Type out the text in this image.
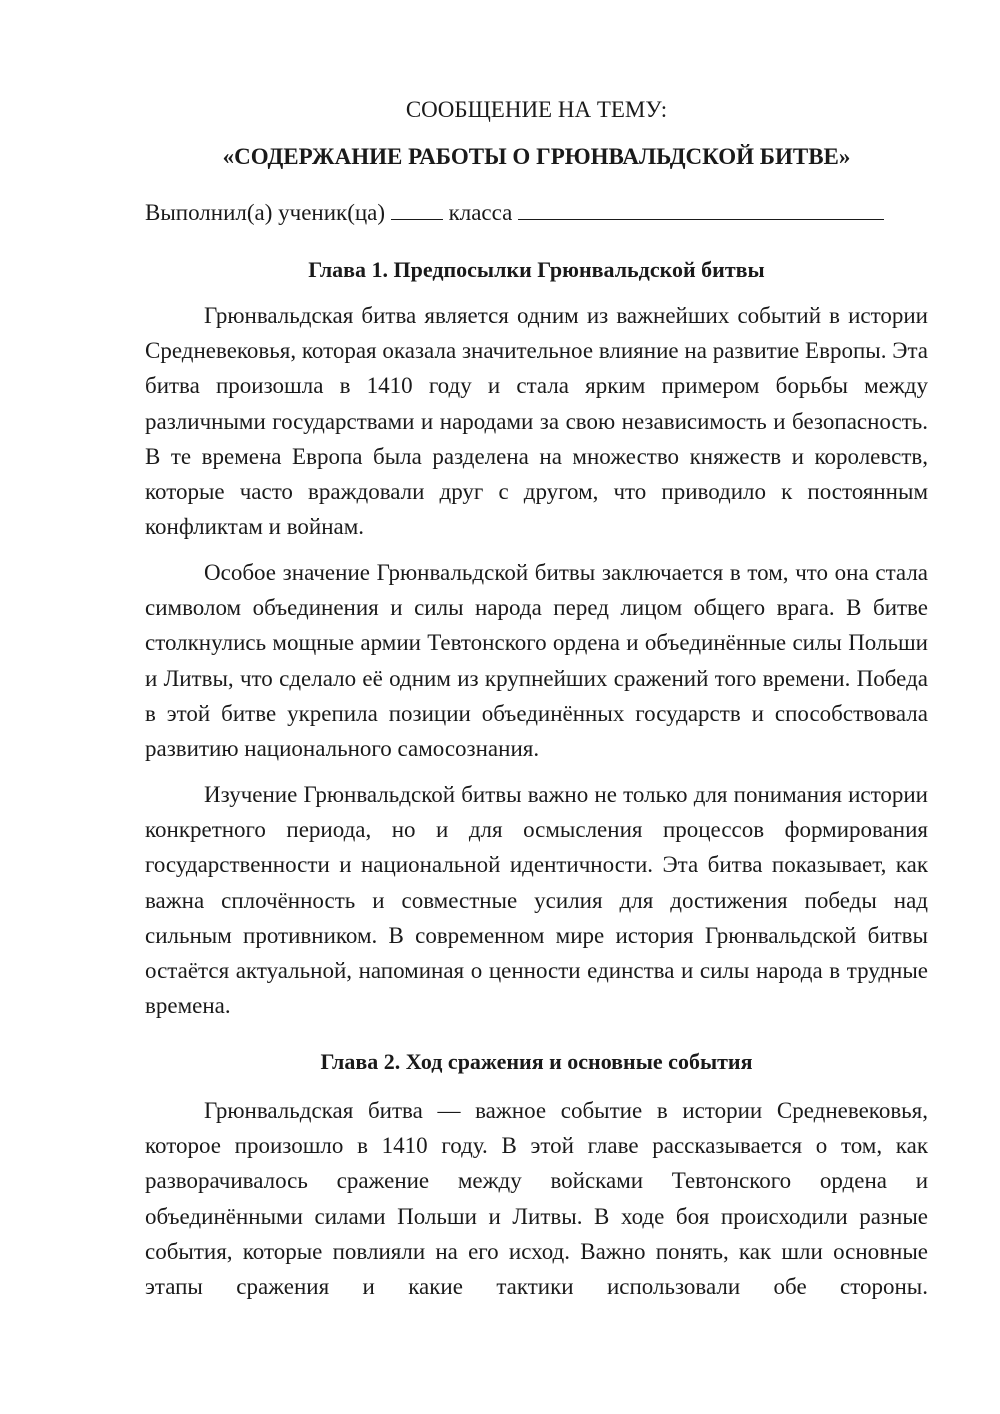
СООБЩЕНИЕ НА ТЕМУ:
«СОДЕРЖАНИЕ РАБОТЫ О ГРЮНВАЛЬДСКОЙ БИТВЕ»
Выполнил(а) ученик(ца)	класса
Глава 1. Предпосылки Грюнвальдской битвы

Грюнвальдская битва является одним из важнейших событий в истории Средневековья, которая оказала значительное влияние на развитие Европы. Эта битва произошла в 1410 году и стала ярким примером борьбы между различными государствами и народами за свою независимость и безопасность. В те времена Европа была разделена на множество княжеств и королевств, которые часто враждовали друг с другом, что приводило к постоянным конфликтам и войнам.

Особое значение Грюнвальдской битвы заключается в том, что она стала символом объединения и силы народа перед лицом общего врага. В битве столкнулись мощные армии Тевтонского ордена и объединённые силы Польши и Литвы, что сделало её одним из крупнейших сражений того времени. Победа в этой битве укрепила позиции объединённых государств и способствовала развитию национального самосознания.

Изучение Грюнвальдской битвы важно не только для понимания истории конкретного периода, но и для осмысления процессов формирования государственности и национальной идентичности. Эта битва показывает, как важна сплочённость и совместные усилия для достижения победы над сильным противником. В современном мире история Грюнвальдской битвы остаётся актуальной, напоминая о ценности единства и силы народа в трудные времена.

Глава 2. Ход сражения и основные события

Грюнвальдская битва — важное событие в истории Средневековья, которое произошло в 1410 году. В этой главе рассказывается о том, как разворачивалось сражение между войсками Тевтонского ордена и объединёнными силами Польши и Литвы. В ходе боя происходили разные события, которые повлияли на его исход. Важно понять, как шли основные этапы сражения и какие тактики использовали обе стороны.
